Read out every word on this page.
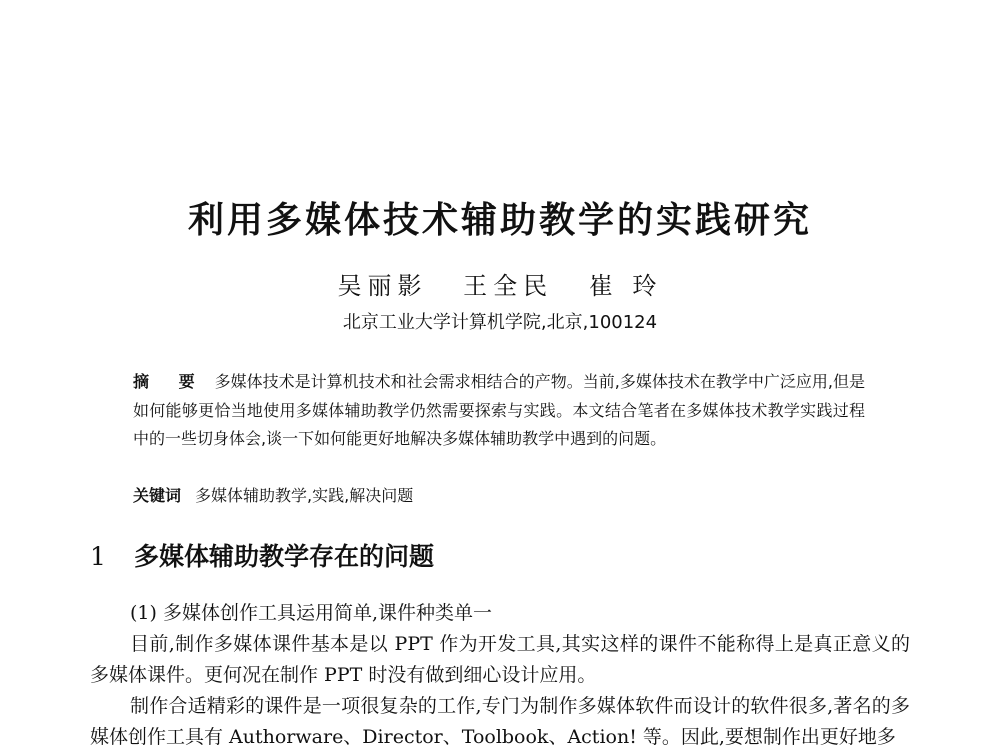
利用多媒体技术辅助教学的实践研究
吴丽影 王全民 崔 玲
北京工业大学计算机学院,北京,100124
摘 要 多媒体技术是计算机技术和社会需求相结合的产物。当前,多媒体技术在教学中广泛应用,但是如何能够更恰当地使用多媒体辅助教学仍然需要探索与实践。本文结合笔者在多媒体技术教学实践过程中的一些切身体会,谈一下如何能更好地解决多媒体辅助教学中遇到的问题。
关键词 多媒体辅助教学,实践,解决问题
1 多媒体辅助教学存在的问题

(1) 多媒体创作工具运用简单,课件种类单一

目前,制作多媒体课件基本是以 PPT 作为开发工具,其实这样的课件不能称得上是真正意义的多媒体课件。更何况在制作 PPT 时没有做到细心设计应用。

制作合适精彩的课件是一项很复杂的工作,专门为制作多媒体软件而设计的软件很多,著名的多媒体创作工具有 Authorware、Director、Toolbook、Action! 等。因此,要想制作出更好地多
